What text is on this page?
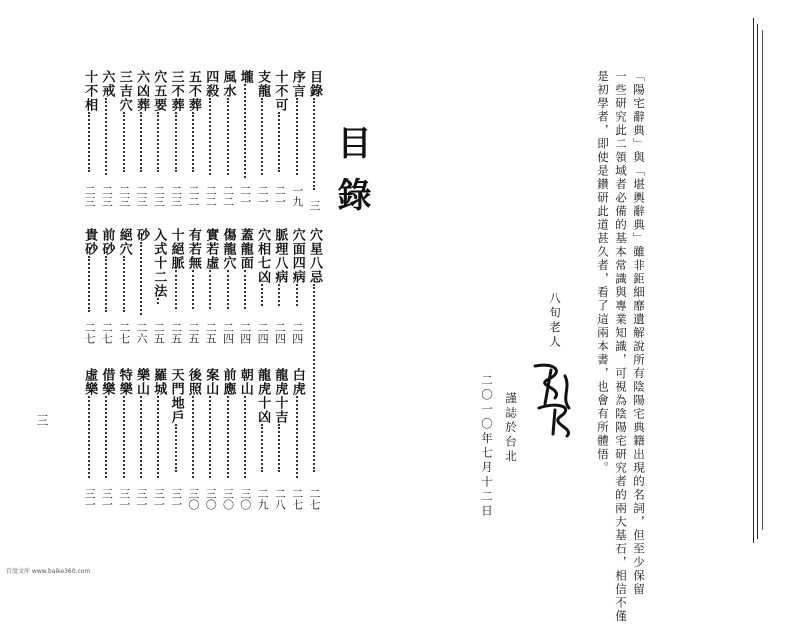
目錄
目錄
三
穴星八忌
二七
序言
一九
穴面四病
二四
白虎
二七
十不可
二一
脈理八病
二四
龍虎十吉
二八
支龍
二一
穴相七凶
二四
龍虎十凶
二九
壠
二一
蓋龍面
二四
朝山
三〇
風水
二二
傷龍穴
二四
前應
三〇
四殺
二二
實若虛
二五
案山
三〇
五不葬
二二
有若無
二五
後照
三〇
三不葬
二三
十絕脈
二五
天門地戶
三一
穴五要
二三
入式十二法
二五
羅城
三一
六凶葬
二三
砂
二六
樂山
三一
三吉穴
二三
絕穴
二七
特樂
三一
六戒
二三
前砂
二七
借樂
三一
十不相
二三
貴砂
二七
虛樂
三一
三	「陽宅辭典」與「堪輿辭典」雖非鉅細靡遺解說所有陰陽宅典籍出現的名詞，但至少保留
一些研究此二領域者必備的基本常識與專業知識，可視為陰陽宅研究者的兩大基石，相信不僅
是初學者，即使是鑽研此道甚久者，看了這兩本書，也會有所體悟。
八旬老人
謹誌於台北
二〇一〇年七月十二日
百度文库 www.baike360.com
